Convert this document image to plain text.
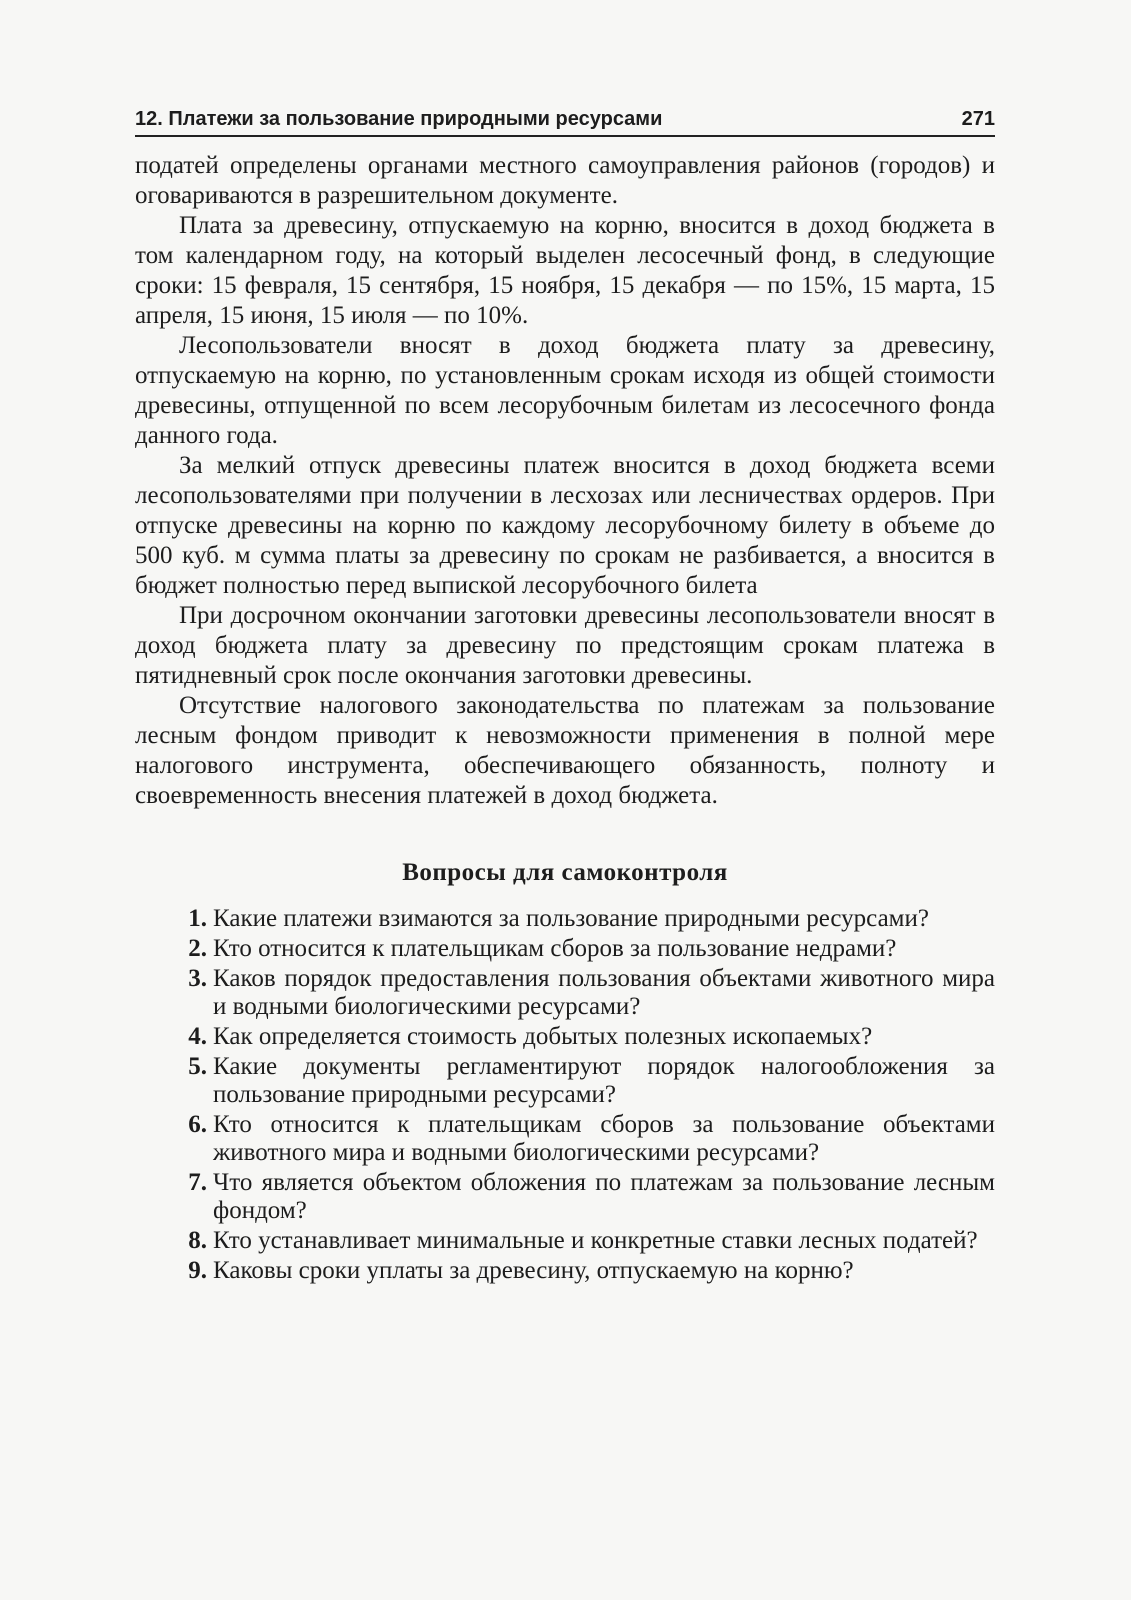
12. Платежи за пользование природными ресурсами	271

податей определены органами местного самоуправления районов (городов) и оговариваются в разрешительном документе.

Плата за древесину, отпускаемую на корню, вносится в доход бюджета в том календарном году, на который выделен лесосечный фонд, в следующие сроки: 15 февраля, 15 сентября, 15 ноября, 15 декабря — по 15%, 15 марта, 15 апреля, 15 июня, 15 июля — по 10%.

Лесопользователи вносят в доход бюджета плату за древесину, отпускаемую на корню, по установленным срокам исходя из общей стоимости древесины, отпущенной по всем лесорубочным билетам из лесосечного фонда данного года.

За мелкий отпуск древесины платеж вносится в доход бюджета всеми лесопользователями при получении в лесхозах или лесничествах ордеров. При отпуске древесины на корню по каждому лесорубочному билету в объеме до 500 куб. м сумма платы за древесину по срокам не разбивается, а вносится в бюджет полностью перед выпиской лесорубочного билета

При досрочном окончании заготовки древесины лесопользователи вносят в доход бюджета плату за древесину по предстоящим срокам платежа в пятидневный срок после окончания заготовки древесины.

Отсутствие налогового законодательства по платежам за пользование лесным фондом приводит к невозможности применения в полной мере налогового инструмента, обеспечивающего обязанность, полноту и своевременность внесения платежей в доход бюджета.

Вопросы для самоконтроля
1. Какие платежи взимаются за пользование природными ресурсами?
2. Кто относится к плательщикам сборов за пользование недрами?
3. Каков порядок предоставления пользования объектами животного мира и водными биологическими ресурсами?
4. Как определяется стоимость добытых полезных ископаемых?
5. Какие документы регламентируют порядок налогообложения за пользование природными ресурсами?
6. Кто относится к плательщикам сборов за пользование объектами животного мира и водными биологическими ресурсами?
7. Что является объектом обложения по платежам за пользование лесным фондом?
8. Кто устанавливает минимальные и конкретные ставки лесных податей?
9. Каковы сроки уплаты за древесину, отпускаемую на корню?
